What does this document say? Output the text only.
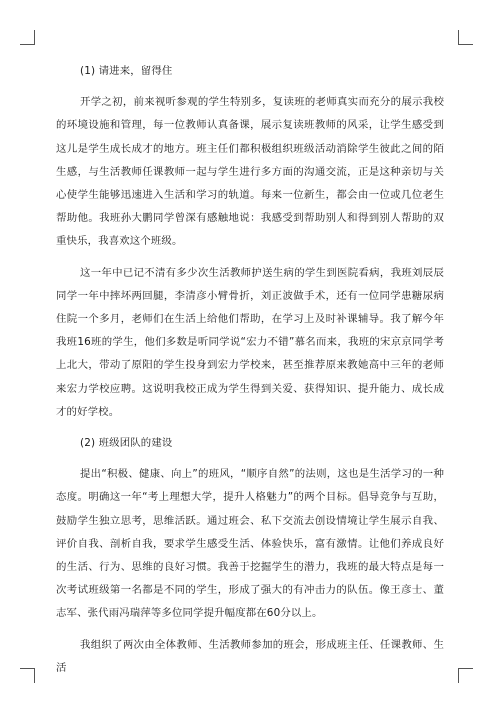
(1) 请进来，留得住

开学之初，前来视听参观的学生特别多，复读班的老师真实而充分的展示我校的环境设施和管理，每一位教师认真备课，展示复读班教师的风采，让学生感受到这儿是学生成长成才的地方。班主任们都积极组织班级活动消除学生彼此之间的陌生感，与生活教师任课教师一起与学生进行多方面的沟通交流，正是这种亲切与关心使学生能够迅速进入生活和学习的轨道。每来一位新生，都会由一位或几位老生帮助他。我班孙大鹏同学曾深有感触地说：我感受到帮助别人和得到别人帮助的双重快乐，我喜欢这个班级。

这一年中已记不清有多少次生活教师护送生病的学生到医院看病，我班刘辰辰同学一年中摔坏两回腿，李清彦小臂骨折，刘正波做手术，还有一位同学患糖尿病住院一个多月，老师们在生活上给他们帮助，在学习上及时补课辅导。我了解今年我班16班的学生，他们多数是听同学说“宏力不错”慕名而来，我班的宋京京同学考上北大，带动了原阳的学生投身到宏力学校来，甚至推荐原来教她高中三年的老师来宏力学校应聘。这说明我校正成为学生得到关爱、获得知识、提升能力、成长成才的好学校。

(2) 班级团队的建设

提出“积极、健康、向上”的班风，“顺序自然”的法则，这也是生活学习的一种态度。明确这一年“考上理想大学，提升人格魅力”的两个目标。倡导竞争与互助，鼓励学生独立思考，思维活跃。通过班会、私下交流去创设情境让学生展示自我、评价自我、剖析自我，要求学生感受生活、体验快乐，富有激情。让他们养成良好的生活、行为、思维的良好习惯。我善于挖掘学生的潜力，我班的最大特点是每一次考试班级第一名都是不同的学生，形成了强大的有冲击力的队伍。像王彦士、董志军、张代雨冯瑞萍等多位同学提升幅度都在60分以上。

我组织了两次由全体教师、生活教师参加的班会，形成班主任、任课教师、生活
